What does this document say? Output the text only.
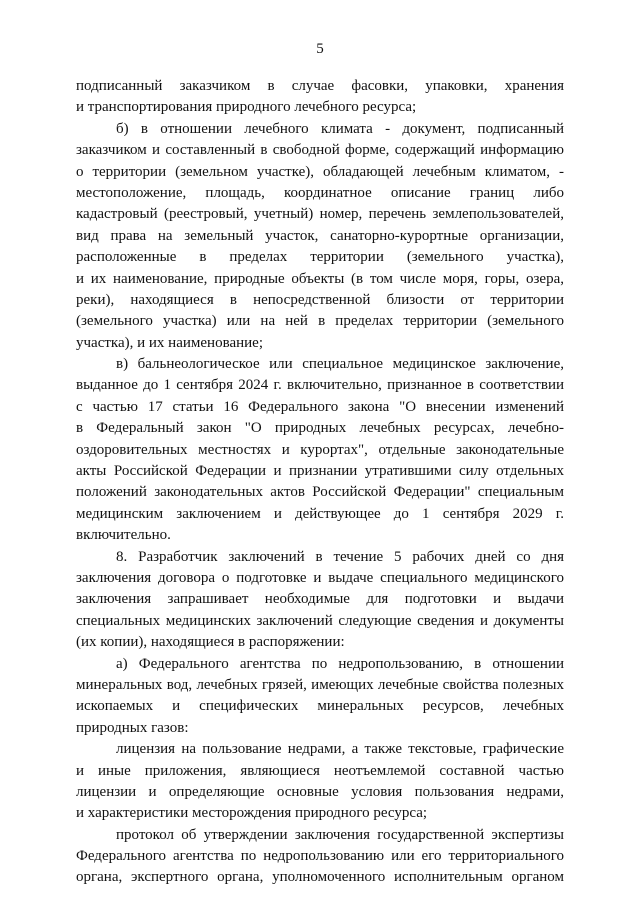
5
подписанный заказчиком в случае фасовки, упаковки, хранения
и транспортирования природного лечебного ресурса;
б) в отношении лечебного климата - документ, подписанный
заказчиком и составленный в свободной форме, содержащий информацию
о территории (земельном участке), обладающей лечебным климатом, -
местоположение, площадь, координатное описание границ либо
кадастровый (реестровый, учетный) номер, перечень землепользователей,
вид права на земельный участок, санаторно-курортные организации,
расположенные в пределах территории (земельного участка),
и их наименование, природные объекты (в том числе моря, горы, озера,
реки), находящиеся в непосредственной близости от территории
(земельного участка) или на ней в пределах территории (земельного
участка), и их наименование;
в) бальнеологическое или специальное медицинское заключение,
выданное до 1 сентября 2024 г. включительно, признанное в соответствии
с частью 17 статьи 16 Федерального закона "О внесении изменений
в Федеральный закон "О природных лечебных ресурсах, лечебно-
оздоровительных местностях и курортах", отдельные законодательные
акты Российской Федерации и признании утратившими силу отдельных
положений законодательных актов Российской Федерации" специальным
медицинским заключением и действующее до 1 сентября 2029 г.
включительно.
8. Разработчик заключений в течение 5 рабочих дней со дня
заключения договора о подготовке и выдаче специального медицинского
заключения запрашивает необходимые для подготовки и выдачи
специальных медицинских заключений следующие сведения и документы
(их копии), находящиеся в распоряжении:
а) Федерального агентства по недропользованию, в отношении
минеральных вод, лечебных грязей, имеющих лечебные свойства полезных
ископаемых и специфических минеральных ресурсов, лечебных
природных газов:
лицензия на пользование недрами, а также текстовые, графические
и иные приложения, являющиеся неотъемлемой составной частью
лицензии и определяющие основные условия пользования недрами,
и характеристики месторождения природного ресурса;
протокол об утверждении заключения государственной экспертизы
Федерального агентства по недропользованию или его территориального
органа, экспертного органа, уполномоченного исполнительным органом
